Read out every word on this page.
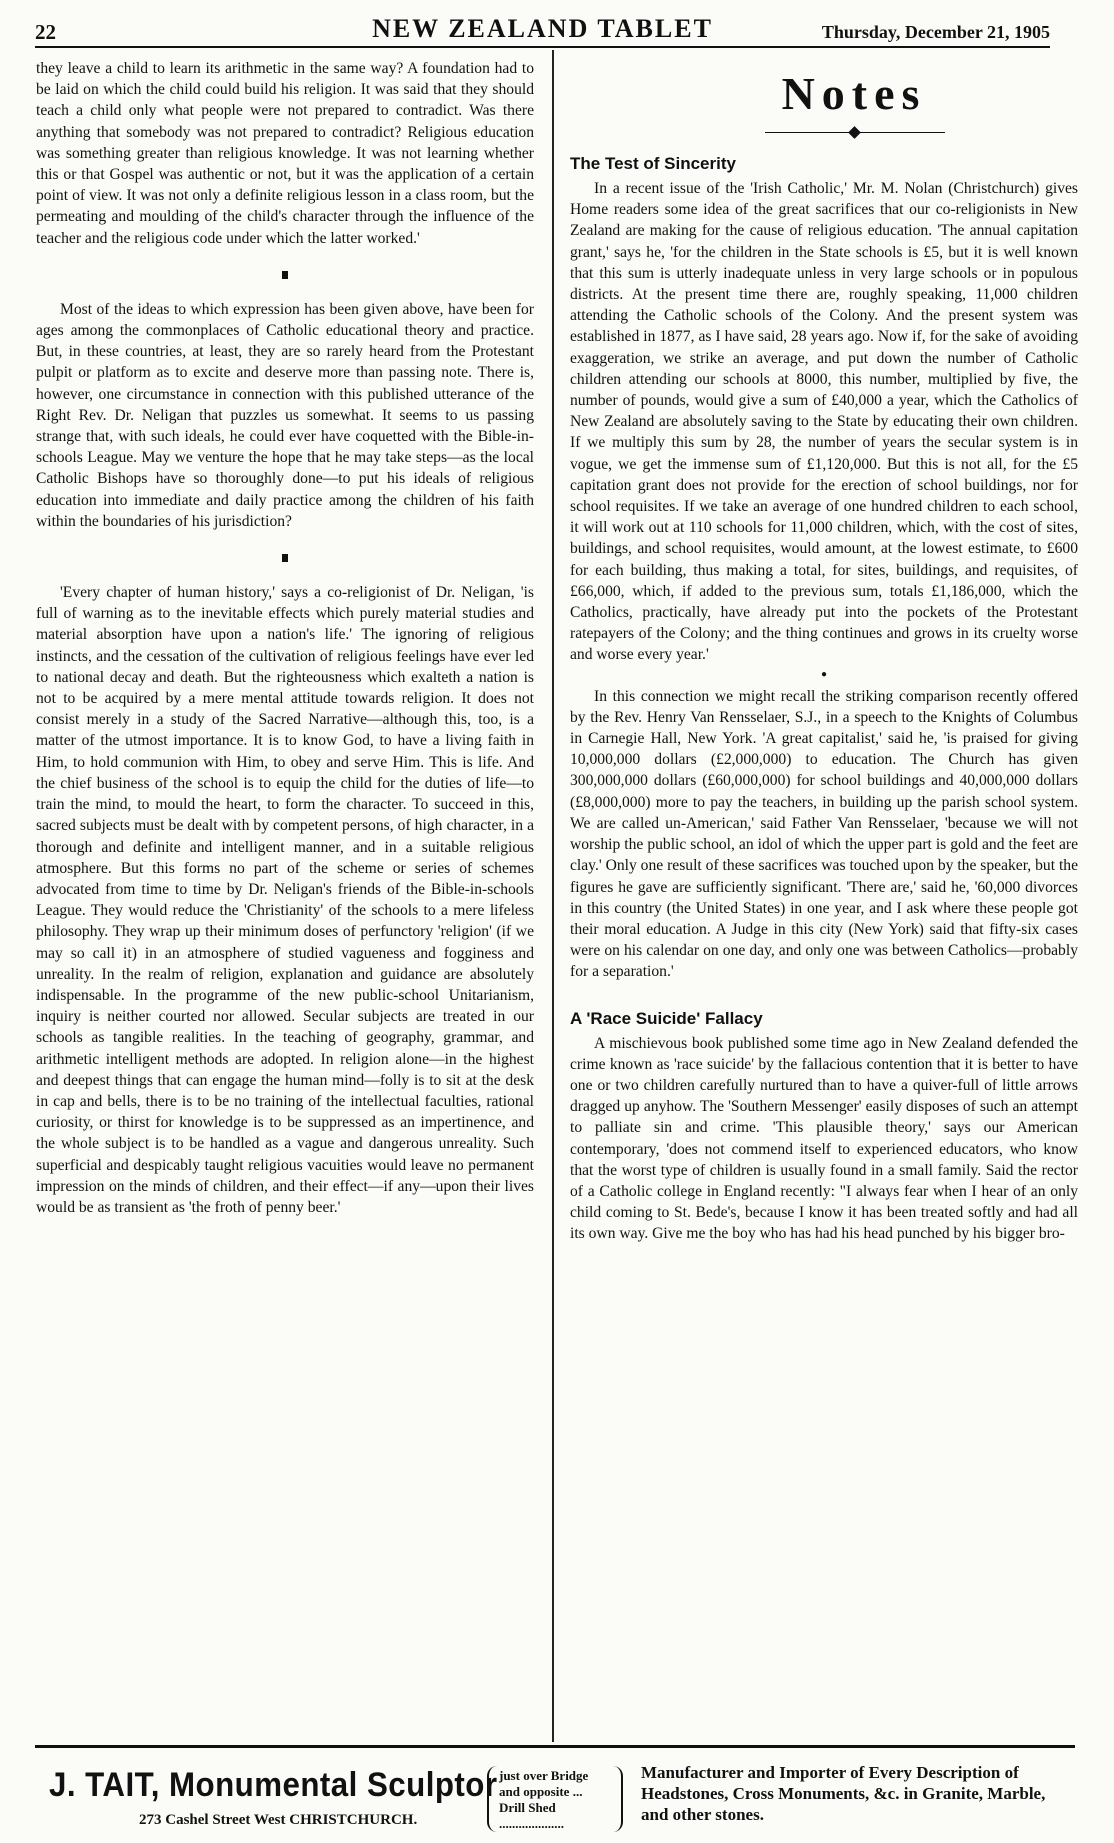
22	NEW ZEALAND TABLET	Thursday, December 21, 1905

they leave a child to learn its arithmetic in the same way? A foundation had to be laid on which the child could build his religion. It was said that they should teach a child only what people were not prepared to contradict. Was there anything that somebody was not prepared to contradict? Religious education was something greater than religious knowledge. It was not learning whether this or that Gospel was authentic or not, but it was the application of a certain point of view. It was not only a definite religious lesson in a class room, but the permeating and moulding of the child's character through the influence of the teacher and the religious code under which the latter worked.'

Most of the ideas to which expression has been given above, have been for ages among the commonplaces of Catholic educational theory and practice. But, in these countries, at least, they are so rarely heard from the Protestant pulpit or platform as to excite and deserve more than passing note. There is, however, one circumstance in connection with this published utterance of the Right Rev. Dr. Neligan that puzzles us somewhat. It seems to us passing strange that, with such ideals, he could ever have coquetted with the Bible-in-schools League. May we venture the hope that he may take steps—as the local Catholic Bishops have so thoroughly done—to put his ideals of religious education into immediate and daily practice among the children of his faith within the boundaries of his jurisdiction?

'Every chapter of human history,' says a co-religionist of Dr. Neligan, 'is full of warning as to the inevitable effects which purely material studies and material absorption have upon a nation's life.' The ignoring of religious instincts, and the cessation of the cultivation of religious feelings have ever led to national decay and death. But the righteousness which exalteth a nation is not to be acquired by a mere mental attitude towards religion. It does not consist merely in a study of the Sacred Narrative—although this, too, is a matter of the utmost importance. It is to know God, to have a living faith in Him, to hold communion with Him, to obey and serve Him. This is life. And the chief business of the school is to equip the child for the duties of life—to train the mind, to mould the heart, to form the character. To succeed in this, sacred subjects must be dealt with by competent persons, of high character, in a thorough and definite and intelligent manner, and in a suitable religious atmosphere. But this forms no part of the scheme or series of schemes advocated from time to time by Dr. Neligan's friends of the Bible-in-schools League. They would reduce the 'Christianity' of the schools to a mere lifeless philosophy. They wrap up their minimum doses of perfunctory 'religion' (if we may so call it) in an atmosphere of studied vagueness and fogginess and unreality. In the realm of religion, explanation and guidance are absolutely indispensable. In the programme of the new public-school Unitarianism, inquiry is neither courted nor allowed. Secular subjects are treated in our schools as tangible realities. In the teaching of geography, grammar, and arithmetic intelligent methods are adopted. In religion alone—in the highest and deepest things that can engage the human mind—folly is to sit at the desk in cap and bells, there is to be no training of the intellectual faculties, rational curiosity, or thirst for knowledge is to be suppressed as an impertinence, and the whole subject is to be handled as a vague and dangerous unreality. Such superficial and despicably taught religious vacuities would leave no permanent impression on the minds of children, and their effect—if any—upon their lives would be as transient as 'the froth of penny beer.'

Notes
The Test of Sincerity

In a recent issue of the 'Irish Catholic,' Mr. M. Nolan (Christchurch) gives Home readers some idea of the great sacrifices that our co-religionists in New Zealand are making for the cause of religious education. 'The annual capitation grant,' says he, 'for the children in the State schools is £5, but it is well known that this sum is utterly inadequate unless in very large schools or in populous districts. At the present time there are, roughly speaking, 11,000 children attending the Catholic schools of the Colony. And the present system was established in 1877, as I have said, 28 years ago. Now if, for the sake of avoiding exaggeration, we strike an average, and put down the number of Catholic children attending our schools at 8000, this number, multiplied by five, the number of pounds, would give a sum of £40,000 a year, which the Catholics of New Zealand are absolutely saving to the State by educating their own children. If we multiply this sum by 28, the number of years the secular system is in vogue, we get the immense sum of £1,120,000. But this is not all, for the £5 capitation grant does not provide for the erection of school buildings, nor for school requisites. If we take an average of one hundred children to each school, it will work out at 110 schools for 11,000 children, which, with the cost of sites, buildings, and school requisites, would amount, at the lowest estimate, to £600 for each building, thus making a total, for sites, buildings, and requisites, of £66,000, which, if added to the previous sum, totals £1,186,000, which the Catholics, practically, have already put into the pockets of the Protestant ratepayers of the Colony; and the thing continues and grows in its cruelty worse and worse every year.'

●

In this connection we might recall the striking comparison recently offered by the Rev. Henry Van Rensselaer, S.J., in a speech to the Knights of Columbus in Carnegie Hall, New York. 'A great capitalist,' said he, 'is praised for giving 10,000,000 dollars (£2,000,000) to education. The Church has given 300,000,000 dollars (£60,000,000) for school buildings and 40,000,000 dollars (£8,000,000) more to pay the teachers, in building up the parish school system. We are called un-American,' said Father Van Rensselaer, 'because we will not worship the public school, an idol of which the upper part is gold and the feet are clay.' Only one result of these sacrifices was touched upon by the speaker, but the figures he gave are sufficiently significant. 'There are,' said he, '60,000 divorces in this country (the United States) in one year, and I ask where these people got their moral education. A Judge in this city (New York) said that fifty-six cases were on his calendar on one day, and only one was between Catholics—probably for a separation.'

A 'Race Suicide' Fallacy

A mischievous book published some time ago in New Zealand defended the crime known as 'race suicide' by the fallacious contention that it is better to have one or two children carefully nurtured than to have a quiver-full of little arrows dragged up anyhow. The 'Southern Messenger' easily disposes of such an attempt to palliate sin and crime. 'This plausible theory,' says our American contemporary, 'does not commend itself to experienced educators, who know that the worst type of children is usually found in a small family. Said the rector of a Catholic college in England recently: "I always fear when I hear of an only child coming to St. Bede's, because I know it has been treated softly and had all its own way. Give me the boy who has had his head punched by his bigger bro-

J. TAIT, Monumental Sculptor
273 Cashel Street West CHRISTCHURCH.
just over Bridge
and opposite ...
Drill Shed
....................
Manufacturer and Importer of Every Description of Headstones, Cross Monuments, &c. in Granite, Marble, and other stones.
